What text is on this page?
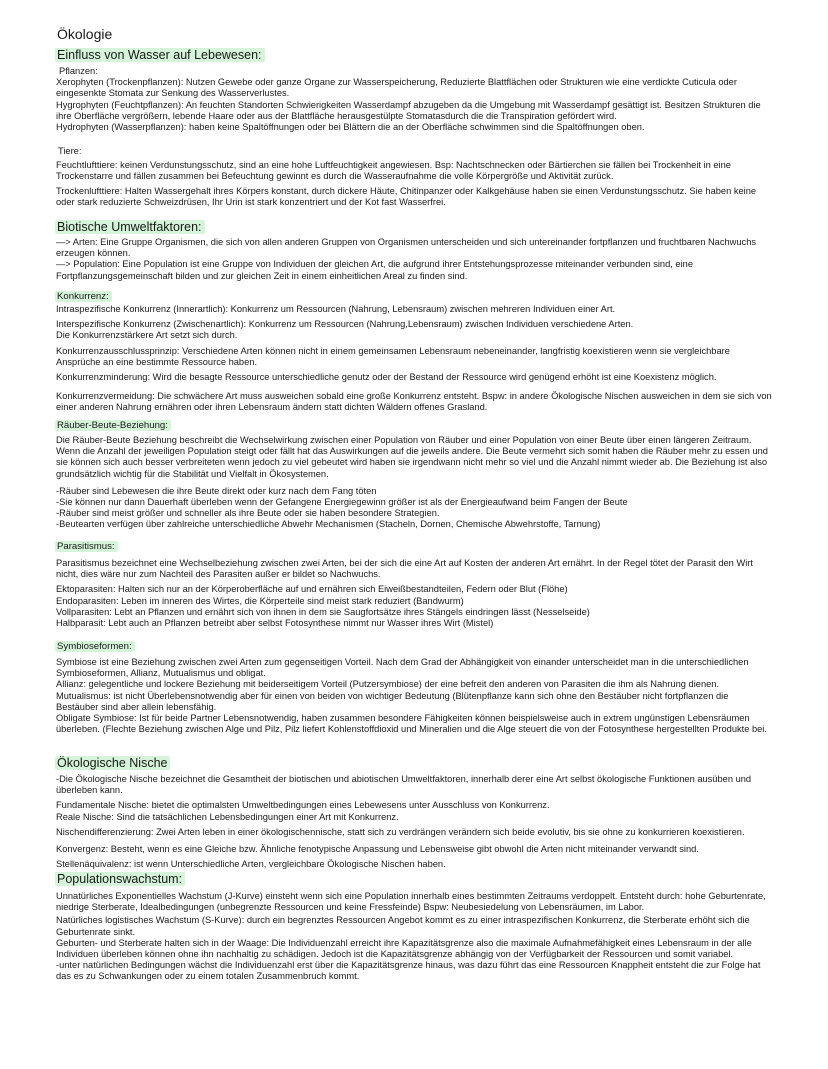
Ökologie
Einfluss von Wasser auf Lebewesen:

Pflanzen:

Xerophyten (Trockenpflanzen): Nutzen Gewebe oder ganze Organe zur Wasserspeicherung, Reduzierte Blattflächen oder Strukturen wie eine verdickte Cuticula oder eingesenkte Stomata zur Senkung des Wasserverlustes.

Hygrophyten (Feuchtpflanzen): An feuchten Standorten Schwierigkeiten Wasserdampf abzugeben da die Umgebung mit Wasserdampf gesättigt ist. Besitzen Strukturen die ihre Oberfläche vergrößern, lebende Haare oder aus der Blattfläche herausgestülpte Stomatasdurch die die Transpiration gefördert wird.

Hydrophyten (Wasserpflanzen): haben keine Spaltöffnungen oder bei Blättern die an der Oberfläche schwimmen sind die Spaltöffnungen oben.

Tiere:

Feuchtlufttiere: keinen Verdunstungsschutz, sind an eine hohe Luftfeuchtigkeit angewiesen. Bsp: Nachtschnecken oder Bärtierchen sie fällen bei Trockenheit in eine Trockenstarre und fällen zusammen bei Befeuchtung gewinnt es durch die Wasseraufnahme die volle Körpergröße und Aktivität zurück.

Trockenlufttiere: Halten Wassergehalt ihres Körpers konstant, durch dickere Häute, Chitinpanzer oder Kalkgehäuse haben sie einen Verdunstungsschutz. Sie haben keine oder stark reduzierte Schweizdrüsen, Ihr Urin ist stark konzentriert und der Kot fast Wasserfrei.

Biotische Umweltfaktoren:

—> Arten: Eine Gruppe Organismen, die sich von allen anderen Gruppen von Organismen unterscheiden und sich untereinander fortpflanzen und fruchtbaren Nachwuchs erzeugen können.

—> Population: Eine Population ist eine Gruppe von Individuen der gleichen Art, die aufgrund ihrer Entstehungsprozesse miteinander verbunden sind, eine Fortpflanzungsgemeinschaft bilden und zur gleichen Zeit in einem einheitlichen Areal zu finden sind.

Konkurrenz:

Intraspezifische Konkurrenz (Innerartlich): Konkurrenz um Ressourcen (Nahrung, Lebensraum) zwischen mehreren Individuen einer Art.

Interspezifische Konkurrenz (Zwischenartlich): Konkurrenz um Ressourcen (Nahrung,Lebensraum) zwischen Individuen verschiedene Arten.

Die Konkurrenzstärkere Art setzt sich durch.

Konkurrenzausschlussprinzip: Verschiedene Arten können nicht in einem gemeinsamen Lebensraum nebeneinander, langfristig koexistieren wenn sie vergleichbare Ansprüche an eine bestimmte Ressource haben.

Konkurrenzminderung: Wird die besagte Ressource unterschiedliche genutz oder der Bestand der Ressource wird genügend erhöht ist eine Koexistenz möglich.

Konkurrenzvermeidung: Die schwächere Art muss ausweichen sobald eine große Konkurrenz entsteht. Bspw: in andere Ökologische Nischen ausweichen in dem sie sich von einer anderen Nahrung ernähren oder ihren Lebensraum ändern statt dichten Wäldern offenes Grasland.

Räuber-Beute-Beziehung:

Die Räuber-Beute Beziehung beschreibt die Wechselwirkung zwischen einer Population von Räuber und einer Population von einer Beute über einen längeren Zeitraum. Wenn die Anzahl der jeweiligen Population steigt oder fällt hat das Auswirkungen auf die jeweils andere. Die Beute vermehrt sich somit haben die Räuber mehr zu essen und sie können sich auch besser verbreiteten wenn jedoch zu viel gebeutet wird haben sie irgendwann nicht mehr so viel und die Anzahl nimmt wieder ab. Die Beziehung ist also grundsätzlich wichtig für die Stabilität und Vielfalt in Ökosystemen.

-Räuber sind Lebewesen die ihre Beute direkt oder kurz nach dem Fang töten

-Sie können nur dann Dauerhaft überleben wenn der Gefangene Energiegewinn größer ist als der Energieaufwand beim Fangen der Beute

-Räuber sind meist größer und schneller als ihre Beute oder sie haben besondere Strategien.

-Beutearten verfügen über zahlreiche unterschiedliche Abwehr Mechanismen (Stacheln, Dornen, Chemische Abwehrstoffe, Tarnung)

Parasitismus:

Parasitismus bezeichnet eine Wechselbeziehung zwischen zwei Arten, bei der sich die eine Art auf Kosten der anderen Art ernährt. In der Regel tötet der Parasit den Wirt nicht, dies wäre nur zum Nachteil des Parasiten außer er bildet so Nachwuchs.

Ektoparasiten: Halten sich nur an der Körperoberfläche auf und ernähren sich Eiweißbestandteilen, Federn oder Blut (Flöhe)

Endoparasiten: Leben im inneren des Wirtes, die Körperteile sind meist stark reduziert (Bandwurm)

Vollparasiten: Lebt an Pflanzen und ernährt sich von ihnen in dem sie Saugfortsätze ihres Stängels eindringen lässt (Nesselseide)

Halbparasit: Lebt auch an Pflanzen betreibt aber selbst Fotosynthese nimmt nur Wasser ihres Wirt (Mistel)

Symbioseformen:

Symbiose ist eine Beziehung zwischen zwei Arten zum gegenseitigen Vorteil. Nach dem Grad der Abhängigkeit von einander unterscheidet man in die unterschiedlichen Symbioseformen, Allianz, Mutualismus und obligat.

Allianz: gelegentliche und lockere Beziehung mit beiderseitigem Vorteil (Putzersymbiose) der eine befreit den anderen von Parasiten die ihm als Nahrung dienen.

Mutualismus: ist nicht Überlebensnotwendig aber für einen von beiden von wichtiger Bedeutung (Blütenpflanze kann sich ohne den Bestäuber nicht fortpflanzen die Bestäuber sind aber allein lebensfähig.

Obligate Symbiose: Ist für beide Partner Lebensnotwendig, haben zusammen besondere Fähigkeiten können beispielsweise auch in extrem ungünstigen Lebensräumen überleben. (Flechte Beziehung zwischen Alge und Pilz, Pilz liefert Kohlenstoffdioxid und Mineralien und die Alge steuert die von der Fotosynthese hergestellten Produkte bei.

Ökologische Nische

-Die Ökologische Nische bezeichnet die Gesamtheit der biotischen und abiotischen Umweltfaktoren, innerhalb derer eine Art selbst ökologische Funktionen ausüben und überleben kann.

Fundamentale Nische: bietet die optimalsten Umweltbedingungen eines Lebewesens unter Ausschluss von Konkurrenz.

Reale Nische: Sind die tatsächlichen Lebensbedingungen einer Art mit Konkurrenz.

Nischendifferenzierung: Zwei Arten leben in einer ökologischennische, statt sich zu verdrängen verändern sich beide evolutiv, bis sie ohne zu konkurrieren koexistieren.

Konvergenz: Besteht, wenn es eine Gleiche bzw. Ähnliche fenotypische Anpassung und Lebensweise gibt obwohl die Arten nicht miteinander verwandt sind.

Stellenäquivalenz: ist wenn Unterschiedliche Arten, vergleichbare Ökologische Nischen haben.

Populationswachstum:

Unnatürliches Exponentielles Wachstum (J-Kurve) einsteht wenn sich eine Population innerhalb eines bestimmten Zeitraums verdoppelt. Entsteht durch: hohe Geburtenrate, niedrige Sterberate, Idealbedingungen (unbegrenzte Ressourcen und keine Fressfeinde) Bspw: Neubesiedelung von Lebensräumen, im Labor.

Natürliches logistisches Wachstum (S-Kurve): durch ein begrenztes Ressourcen Angebot kommt es zu einer intraspezifischen Konkurrenz, die Sterberate erhöht sich die Geburtenrate sinkt.

Geburten- und Sterberate halten sich in der Waage: Die Individuenzahl erreicht ihre Kapazitätsgrenze also die maximale Aufnahmefähigkeit eines Lebensraum in der alle Individuen überleben können ohne ihn nachhaltig zu schädigen. Jedoch ist die Kapazitätsgrenze abhängig von der Verfügbarkeit der Ressourcen und somit variabel.

-unter natürlichen Bedingungen wächst die Individuenzahl erst über die Kapazitätsgrenze hinaus, was dazu führt das eine Ressourcen Knappheit entsteht die zur Folge hat das es zu Schwankungen oder zu einem totalen Zusammenbruch kommt.
